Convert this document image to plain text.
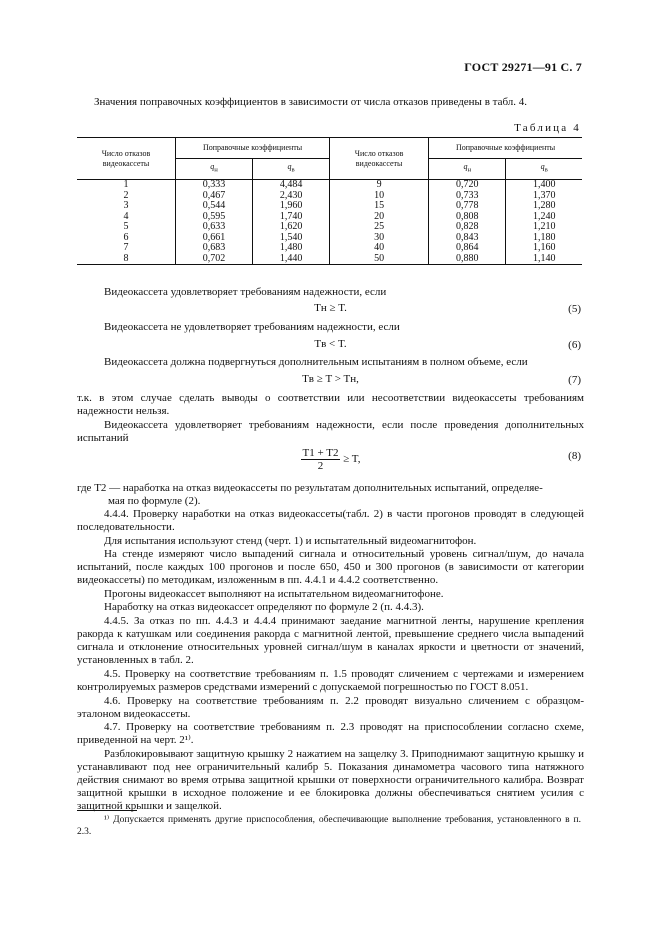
ГОСТ 29271—91 С. 7
Значения поправочных коэффициентов в зависимости от числа отказов приведены в табл. 4.
Таблица 4
Число отказов видеокассеты	Поправочные коэффициенты		Число отказов видеокассеты	Поправочные коэффициенты	
	$q_н$	$q_в$		$q_н$	$q_в$
1	0,333	4,484	9	0,720	1,400
2	0,467	2,430	10	0,733	1,370
3	0,544	1,960	15	0,778	1,280
4	0,595	1,740	20	0,808	1,240
5	0,633	1,620	25	0,828	1,210
6	0,661	1,540	30	0,843	1,180
7	0,683	1,480	40	0,864	1,160
8	0,702	1,440	50	0,880	1,140
Видеокассета удовлетворяет требованиям надежности, если
Tн ≥ T.	(5)
Видеокассета не удовлетворяет требованиям надежности, если
Tв < T.	(6)
Видеокассета должна подвергнуться дополнительным испытаниям в полном объеме, если
Tв ≥ T > Tн,	(7)
т.к. в этом случае сделать выводы о соответствии или несоответствии видеокассеты требованиям надежности нельзя.
Видеокассета удовлетворяет требованиям надежности, если после проведения дополнительных испытаний
$\frac{T1 + T2}{2} \ge T$,	(8)
где T2 — наработка на отказ видеокассеты по результатам дополнительных испытаний, определяе-
мая по формуле (2).
4.4.4. Проверку наработки на отказ видеокассеты(табл. 2) в части прогонов проводят в следующей последовательности.
Для испытания используют стенд (черт. 1) и испытательный видеомагнитофон.
На стенде измеряют число выпадений сигнала и относительный уровень сигнал/шум, до начала испытаний, после каждых 100 прогонов и после 650, 450 и 300 прогонов (в зависимости от категории видеокассеты) по методикам, изложенным в пп. 4.4.1 и 4.4.2 соответственно.
Прогоны видеокассет выполняют на испытательном видеомагнитофоне.
Наработку на отказ видеокассет определяют по формуле 2 (п. 4.4.3).
4.4.5. За отказ по пп. 4.4.3 и 4.4.4 принимают заедание магнитной ленты, нарушение крепления ракорда к катушкам или соединения ракорда с магнитной лентой, превышение среднего числа выпадений сигнала и отклонение относительных уровней сигнал/шум в каналах яркости и цветности от значений, установленных в табл. 2.
4.5. Проверку на соответствие требованиям п. 1.5 проводят сличением с чертежами и измерением контролируемых размеров средствами измерений с допускаемой погрешностью по ГОСТ 8.051.
4.6. Проверку на соответствие требованиям п. 2.2 проводят визуально сличением с образцом-эталоном видеокассеты.
4.7. Проверку на соответствие требованиям п. 2.3 проводят на приспособлении согласно схеме, приведенной на черт. 2¹⁾.
Разблокировывают защитную крышку 2 нажатием на защелку 3. Приподнимают защитную крышку и устанавливают под нее ограничительный калибр 5. Показания динамометра часового типа натяжного действия снимают во время отрыва защитной крышки от поверхности ограничительного калибра. Возврат защитной крышки в исходное положение и ее блокировка должны обеспечиваться снятием усилия с защитной крышки и защелкой.
¹⁾ Допускается применять другие приспособления, обеспечивающие выполнение требования, установленного в п. 2.3.
